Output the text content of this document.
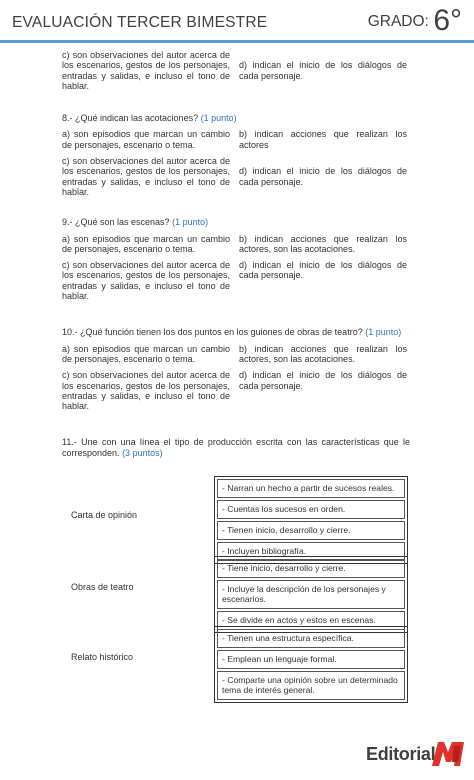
EVALUACIÓN TERCER BIMESTRE	GRADO: 6°
c) son observaciones del autor acerca de los escenarios, gestos de los personajes, entradas y salidas, e incluso el tono de hablar.
d) indican el inicio de los diálogos de cada personaje.
8.- ¿Qué indican las acotaciones? (1 punto)
a) son episodios que marcan un cambio de personajes, escenario o tema.
b) indican acciones que realizan los actores
c) son observaciones del autor acerca de los escenarios, gestos de los personajes, entradas y salidas, e incluso el tono de hablar.
d) indican el inicio de los diálogos de cada personaje.
9.- ¿Qué son las escenas? (1 punto)
a) son episodios que marcan un cambio de personajes, escenario o tema.
b) indican acciones que realizan los actores, son las acotaciones.
c) son observaciones del autor acerca de los escenarios, gestos de los personajes, entradas y salidas, e incluso el tono de hablar.
d) indican el inicio de los diálogos de cada personaje.
10.- ¿Qué función tienen los dos puntos en los guiones de obras de teatro? (1 punto)
a) son episodios que marcan un cambio de personajes, escenario o tema.
b) indican acciones que realizan los actores, son las acotaciones.
c) son observaciones del autor acerca de los escenarios, gestos de los personajes, entradas y salidas, e incluso el tono de hablar.
d) indican el inicio de los diálogos de cada personaje.
11.- Une con una línea el tipo de producción escrita con las características que le corresponden. (3 puntos)
Carta de opinión
Obras de teatro
Relato histórico
- Narran un hecho a partir de sucesos reales.
- Cuentas los sucesos en orden.
- Tienen inicio, desarrollo y cierre.
- Incluyen bibliografía.
- Tiene inicio, desarrollo y cierre.
- Incluye la descripción de los personajes y escenarios.
- Se divide en actos y estos en escenas.
- Tienen una estructura específica.
- Emplean un lenguaje formal.
- Comparte una opinión sobre un determinado tema de interés general.
Editorial
